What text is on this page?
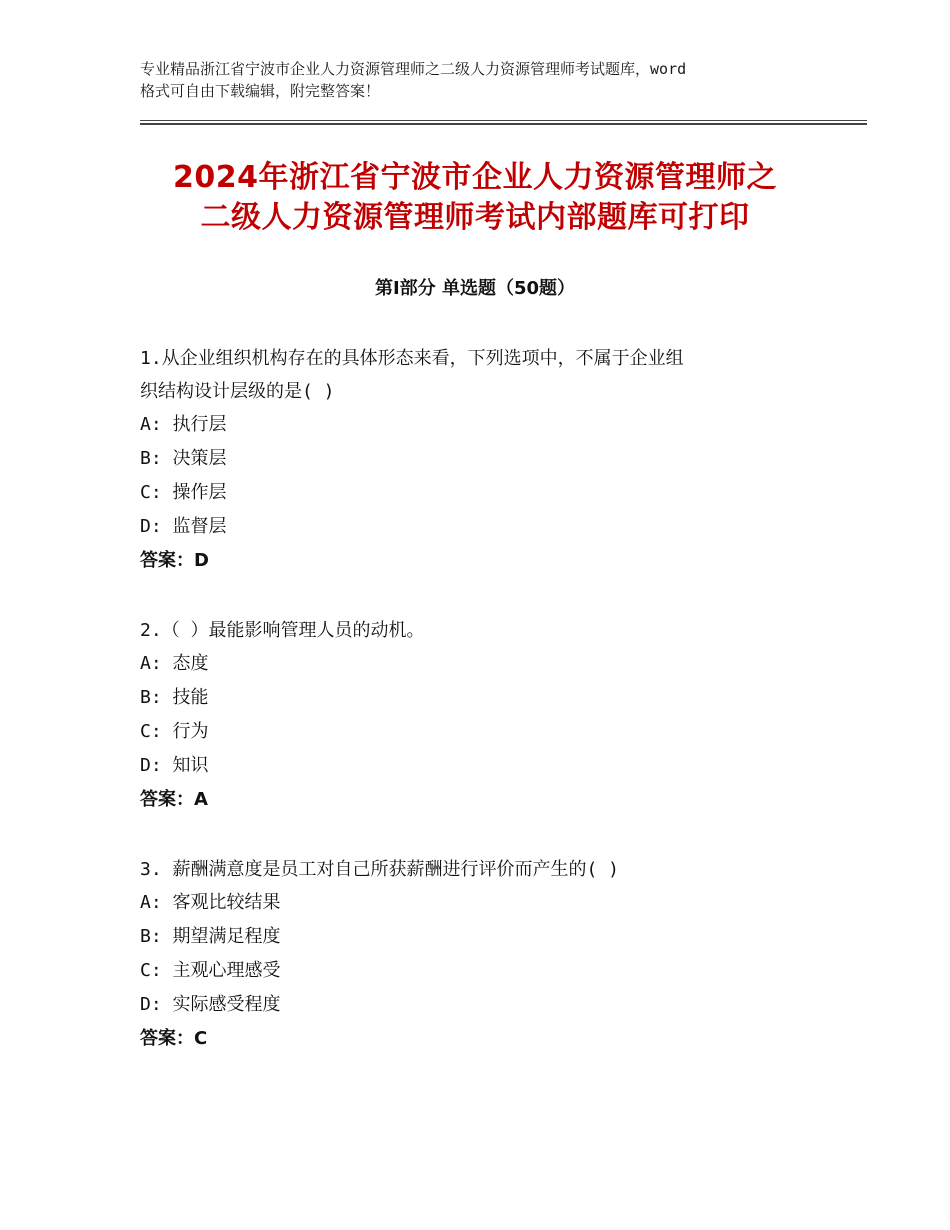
专业精品浙江省宁波市企业人力资源管理师之二级人力资源管理师考试题库，word
格式可自由下载编辑，附完整答案！
2024年浙江省宁波市企业人力资源管理师之
二级人力资源管理师考试内部题库可打印
第Ⅰ部分 单选题（50题）

1.从企业组织机构存在的具体形态来看，下列选项中，不属于企业组

织结构设计层级的是( )

A: 执行层

B: 决策层

C: 操作层

D: 监督层

答案：D

2.（ ）最能影响管理人员的动机。

A: 态度

B: 技能

C: 行为

D: 知识

答案：A

3. 薪酬满意度是员工对自己所获薪酬进行评价而产生的( )

A: 客观比较结果

B: 期望满足程度

C: 主观心理感受

D: 实际感受程度

答案：C
